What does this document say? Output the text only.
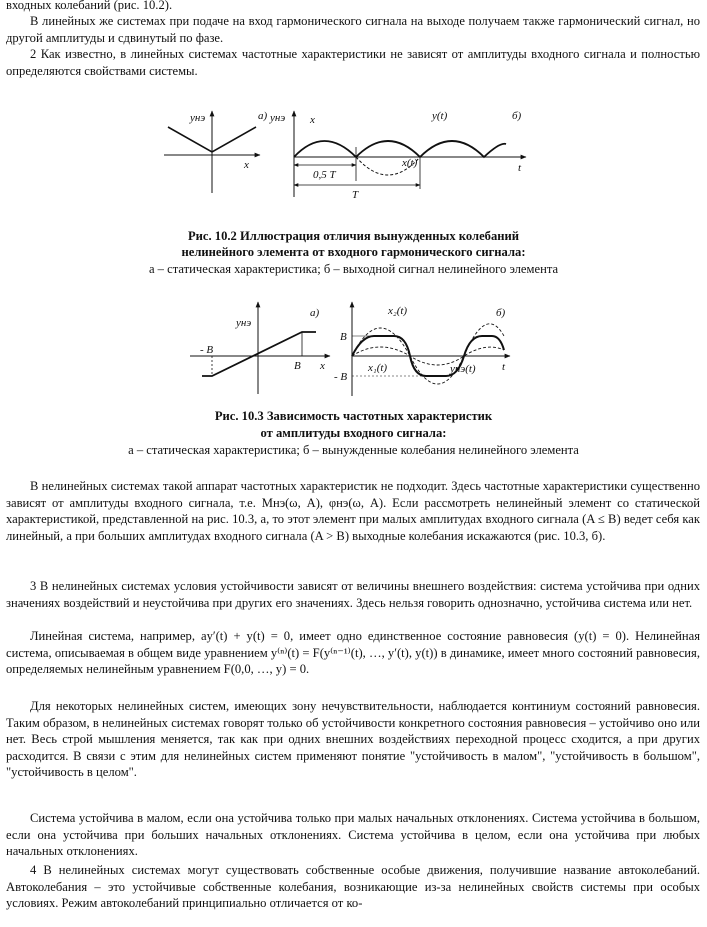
входных колебаний (рис. 10.2).

В линейных же системах при подаче на вход гармонического сигнала на выходе получаем также гармонический сигнал, но другой амплитуды и сдвинутый по фазе.

2 Как известно, в линейных системах частотные характеристики не зависят от амплитуды входного сигнала и полностью определяются свойствами системы.

yнэ
x
а) yнэ x	y(t)
x(t)
0,5 T
T
t
б)

Рис. 10.2 Иллюстрация отличия вынужденных колебаний

нелинейного элемента от входного гармонического сигнала:

а – статическая характеристика; б – выходной сигнал нелинейного элемента

yнэ
- B
B x
а)
B
- B
x₂(t)
x₁(t)	yнэ(t) t
б)

Рис. 10.3 Зависимость частотных характеристик

от амплитуды входного сигнала:

а – статическая характеристика; б – вынужденные колебания нелинейного элемента

В нелинейных системах такой аппарат частотных характеристик не подходит. Здесь частотные характеристики существенно зависят от амплитуды входного сигнала, т.е. Mнэ(ω, A), φнэ(ω, A). Если рассмотреть нелинейный элемент со статической характеристикой, представленной на рис. 10.3, а, то этот элемент при малых амплитудах входного сигнала (A ≤ B) ведет себя как линейный, а при больших амплитудах входного сигнала (A > B) выходные колебания искажаются (рис. 10.3, б).

3 В нелинейных системах условия устойчивости зависят от величины внешнего воздействия: система устойчива при одних значениях воздействий и неустойчива при других его значениях. Здесь нельзя говорить однозначно, устойчива система или нет.

Линейная система, например, ay′(t) + y(t) = 0, имеет одно единственное состояние равновесия (y(t) = 0). Нелинейная система, описываемая в общем виде уравнением y⁽ⁿ⁾(t) = F(y⁽ⁿ⁻¹⁾(t), …, y′(t), y(t)) в динамике, имеет много состояний равновесия, определяемых нелинейным уравнением F(0,0, …, y) = 0.

Для некоторых нелинейных систем, имеющих зону нечувствительности, наблюдается континиум состояний равновесия. Таким образом, в нелинейных системах говорят только об устойчивости конкретного состояния равновесия – устойчиво оно или нет. Весь строй мышления меняется, так как при одних внешних воздействиях переходной процесс сходится, а при других расходится. В связи с этим для нелинейных систем применяют понятие "устойчивость в малом", "устойчивость в большом", "устойчивость в целом".

Система устойчива в малом, если она устойчива только при малых начальных отклонениях. Система устойчива в большом, если она устойчива при больших начальных отклонениях. Система устойчива в целом, если она устойчива при любых начальных отклонениях.

4 В нелинейных системах могут существовать собственные особые движения, получившие название автоколебаний. Автоколебания – это устойчивые собственные колебания, возникающие из-за нелинейных свойств системы при особых условиях. Режим автоколебаний принципиально отличается от ко-
